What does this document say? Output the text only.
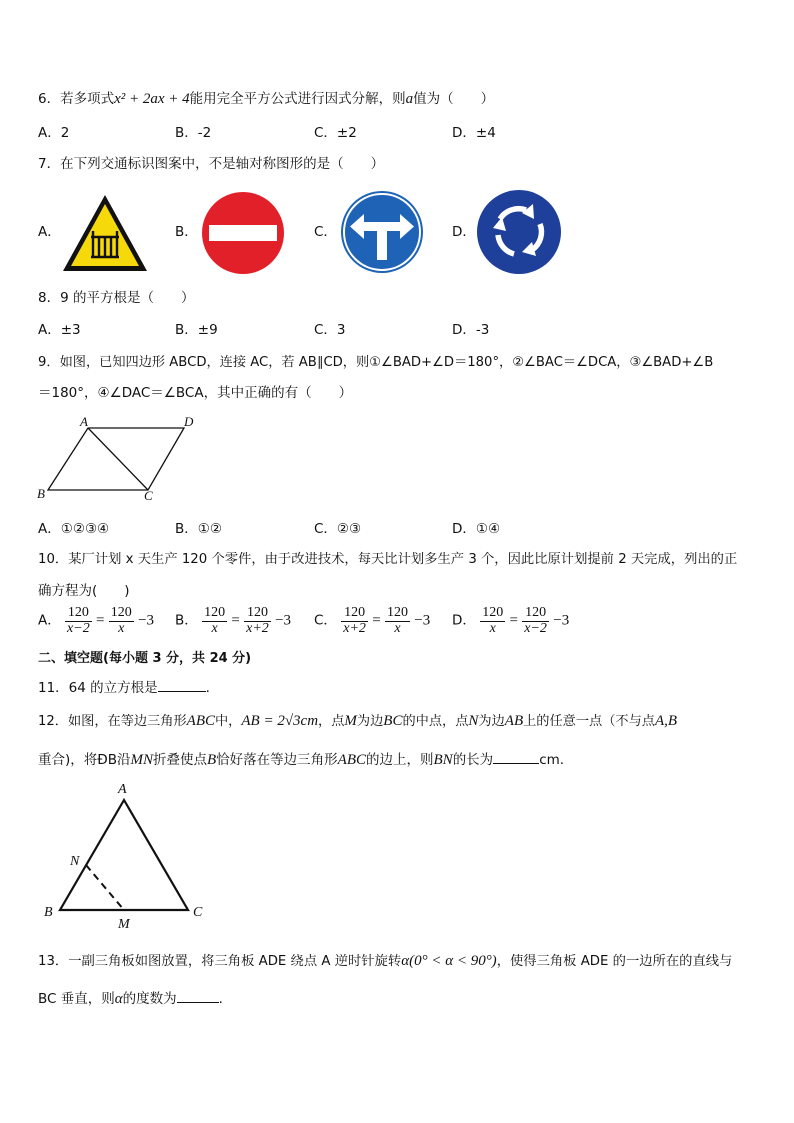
6．若多项式x² + 2ax + 4能用完全平方公式进行因式分解，则a值为（　　）
A．2	B．-2	C．±2	D．±4
7．在下列交通标识图案中，不是轴对称图形的是（　　）
A．	B．	C．	D．
8．9 的平方根是（　　）
A．±3	B．±9	C．3	D．-3
9．如图，已知四边形 ABCD，连接 AC，若 AB∥CD，则①∠BAD+∠D＝180°，②∠BAC＝∠DCA，③∠BAD+∠B
＝180°，④∠DAC＝∠BCA，其中正确的有（　　）
A	D
B	C
A．①②③④	B．①②	C．②③	D．①④
10．某厂计划 x 天生产 120 个零件，由于改进技术，每天比计划多生产 3 个，因此比原计划提前 2 天完成，列出的正
确方程为(　　)
A． $\frac{120}{x-2} = \frac{120}{x} -3$ B． $\frac{120}{x} = \frac{120}{x+2} -3$ C． $\frac{120}{x+2} = \frac{120}{x} -3$ D． $\frac{120}{x} = \frac{120}{x-2} -3$
二、填空题(每小题 3 分，共 24 分)
11．64 的立方根是	.
12．如图，在等边三角形ABC中，AB = 2√3cm，点M为边BC的中点，点N为边AB上的任意一点（不与点A,B
重合)，将ÐB沿MN折叠使点B恰好落在等边三角形ABC的边上，则BN的长为	cm.
A
N
B
M
C
13．一副三角板如图放置，将三角板 ADE 绕点 A 逆时针旋转α(0° < α < 90°)，使得三角板 ADE 的一边所在的直线与
BC 垂直，则α的度数为	.
